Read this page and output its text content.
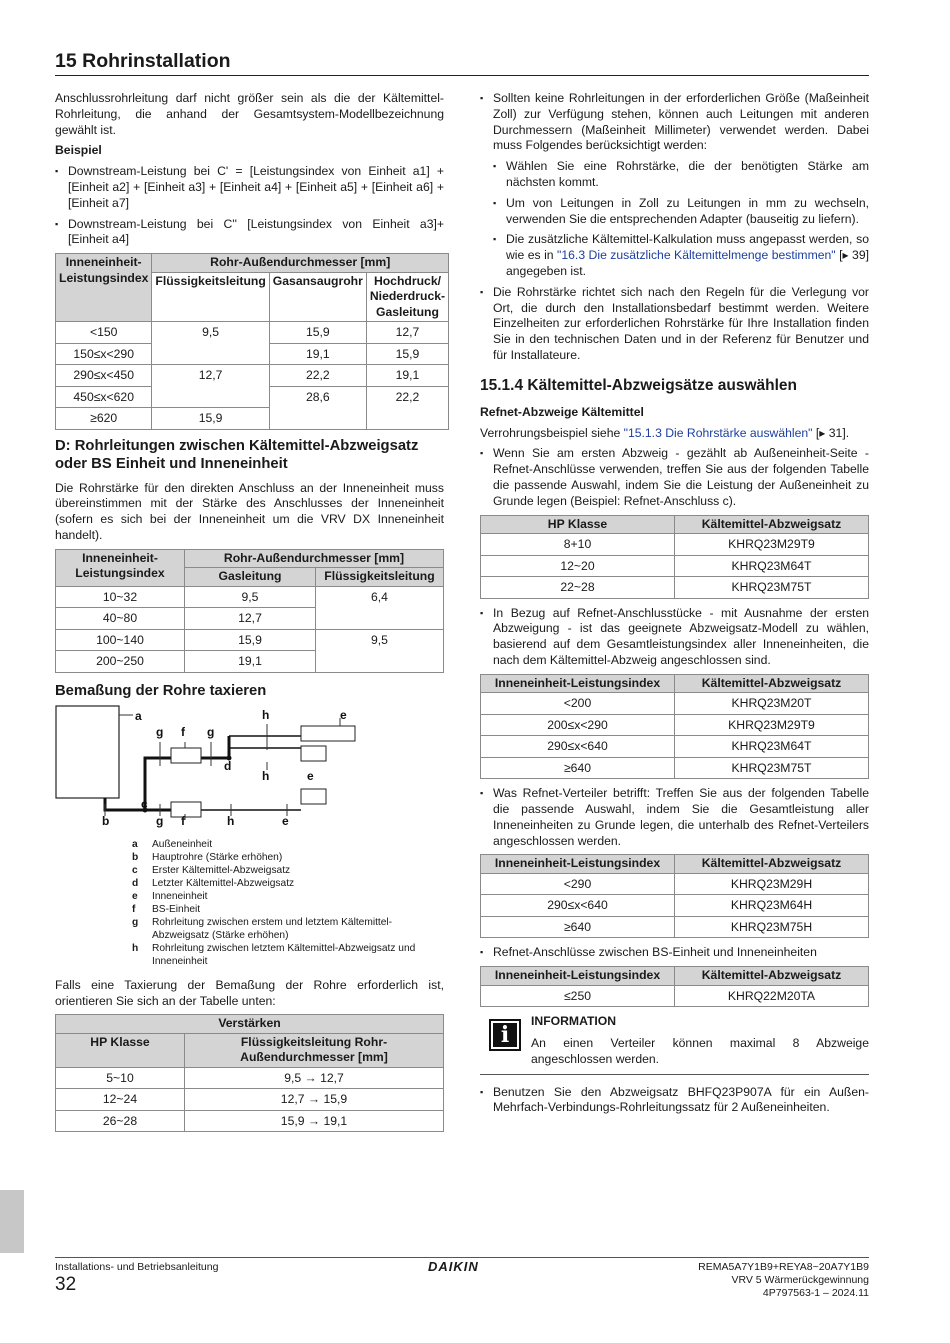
15 Rohrinstallation

Anschlussrohrleitung darf nicht größer sein als die der Kältemittel-Rohrleitung, die anhand der Gesamtsystem-Modellbezeichnung gewählt ist.

Beispiel
▪ Downstream-Leistung bei C' = [Leistungsindex von Einheit a1] + [Einheit a2] + [Einheit a3] + [Einheit a4] + [Einheit a5] + [Einheit a6] + [Einheit a7]
▪ Downstream-Leistung bei C'' [Leistungsindex von Einheit a3]+ [Einheit a4]
Inneneinheit-Leistungsindex	Rohr-Außendurchmesser [mm]		
	Flüssigkeitsleitung	Gasansaugrohr	Hochdruck/ Niederdruck-Gasleitung
<150	9,5	15,9	12,7
150≤x<290		19,1	15,9
290≤x<450	12,7	22,2	19,1
450≤x<620		28,6	22,2
≥620	15,9		
D: Rohrleitungen zwischen Kältemittel-Abzweigsatz oder BS Einheit und Inneneinheit

Die Rohrstärke für den direkten Anschluss an der Inneneinheit muss übereinstimmen mit der Stärke des Anschlusses der Inneneinheit (sofern es sich bei der Inneneinheit um die VRV DX Inneneinheit handelt).

Inneneinheit-Leistungsindex	Rohr-Außendurchmesser [mm]	
	Gasleitung	Flüssigkeitsleitung
10~32	9,5	6,4
40~80	12,7	
100~140	15,9	9,5
200~250	19,1	
Bemaßung der Rohre taxieren
a
g f g
h	e
d
h	e
c
b	g f	h	e
a	Außeneinheit
b	Hauptrohre (Stärke erhöhen)
c	Erster Kältemittel-Abzweigsatz
d	Letzter Kältemittel-Abzweigsatz
e	Inneneinheit
f	BS-Einheit
g	Rohrleitung zwischen erstem und letztem Kältemittel-Abzweigsatz (Stärke erhöhen)
h	Rohrleitung zwischen letztem Kältemittel-Abzweigsatz und Inneneinheit

Falls eine Taxierung der Bemaßung der Rohre erforderlich ist, orientieren Sie sich an der Tabelle unten:

Verstärken	
HP Klasse	Flüssigkeitsleitung Rohr-Außendurchmesser [mm]
5~10	9,5 → 12,7
12~24	12,7 → 15,9
26~28	15,9 → 19,1
▪ Sollten keine Rohrleitungen in der erforderlichen Größe (Maßeinheit Zoll) zur Verfügung stehen, können auch Leitungen mit anderen Durchmessern (Maßeinheit Millimeter) verwendet werden. Dabei muss Folgendes berücksichtigt werden:
▪ Wählen Sie eine Rohrstärke, die der benötigten Stärke am nächsten kommt.
▪ Um von Leitungen in Zoll zu Leitungen in mm zu wechseln, verwenden Sie die entsprechenden Adapter (bauseitig zu liefern).
▪ Die zusätzliche Kältemittel-Kalkulation muss angepasst werden, so wie es in "16.3 Die zusätzliche Kältemittelmenge bestimmen" [▸ 39] angegeben ist.
▪ Die Rohrstärke richtet sich nach den Regeln für die Verlegung vor Ort, die durch den Installationsbedarf bestimmt werden. Weitere Einzelheiten zur erforderlichen Rohrstärke für Ihre Installation finden Sie in den technischen Daten und in der Referenz für Benutzer und für Installateure.
15.1.4 Kältemittel-Abzweigsätze auswählen
Refnet-Abzweige Kältemittel

Verrohrungsbeispiel siehe "15.1.3 Die Rohrstärke auswählen" [▸ 31].

▪ Wenn Sie am ersten Abzweig - gezählt ab Außeneinheit-Seite - Refnet-Anschlüsse verwenden, treffen Sie aus der folgenden Tabelle die passende Auswahl, indem Sie die Leistung der Außeneinheit zu Grunde legen (Beispiel: Refnet-Anschluss c).
HP Klasse	Kältemittel-Abzweigsatz
8+10	KHRQ23M29T9
12~20	KHRQ23M64T
22~28	KHRQ23M75T
▪ In Bezug auf Refnet-Anschlusstücke - mit Ausnahme der ersten Abzweigung - ist das geeignete Abzweigsatz-Modell zu wählen, basierend auf dem Gesamtleistungsindex aller Inneneinheiten, die nach dem Kältemittel-Abzweig angeschlossen sind.
Inneneinheit-Leistungsindex	Kältemittel-Abzweigsatz
<200	KHRQ23M20T
200≤x<290	KHRQ23M29T9
290≤x<640	KHRQ23M64T
≥640	KHRQ23M75T
▪ Was Refnet-Verteiler betrifft: Treffen Sie aus der folgenden Tabelle die passende Auswahl, indem Sie die Gesamtleistung aller Inneneinheiten zu Grunde legen, die unterhalb des Refnet-Verteilers angeschlossen werden.
Inneneinheit-Leistungsindex	Kältemittel-Abzweigsatz
<290	KHRQ23M29H
290≤x<640	KHRQ23M64H
≥640	KHRQ23M75H
▪ Refnet-Anschlüsse zwischen BS-Einheit und Inneneinheiten
Inneneinheit-Leistungsindex	Kältemittel-Abzweigsatz
≤250	KHRQ22M20TA
i
INFORMATION
An einen Verteiler können maximal 8 Abzweige angeschlossen werden.
▪ Benutzen Sie den Abzweigsatz BHFQ23P907A für ein Außen-Mehrfach-Verbindungs-Rohrleitungssatz für 2 Außeneinheiten.
Installations- und Betriebsanleitung
32
DAIKIN	REMA5A7Y1B9+REYA8~20A7Y1B9
VRV 5 Wärmerückgewinnung
4P797563-1 – 2024.11
